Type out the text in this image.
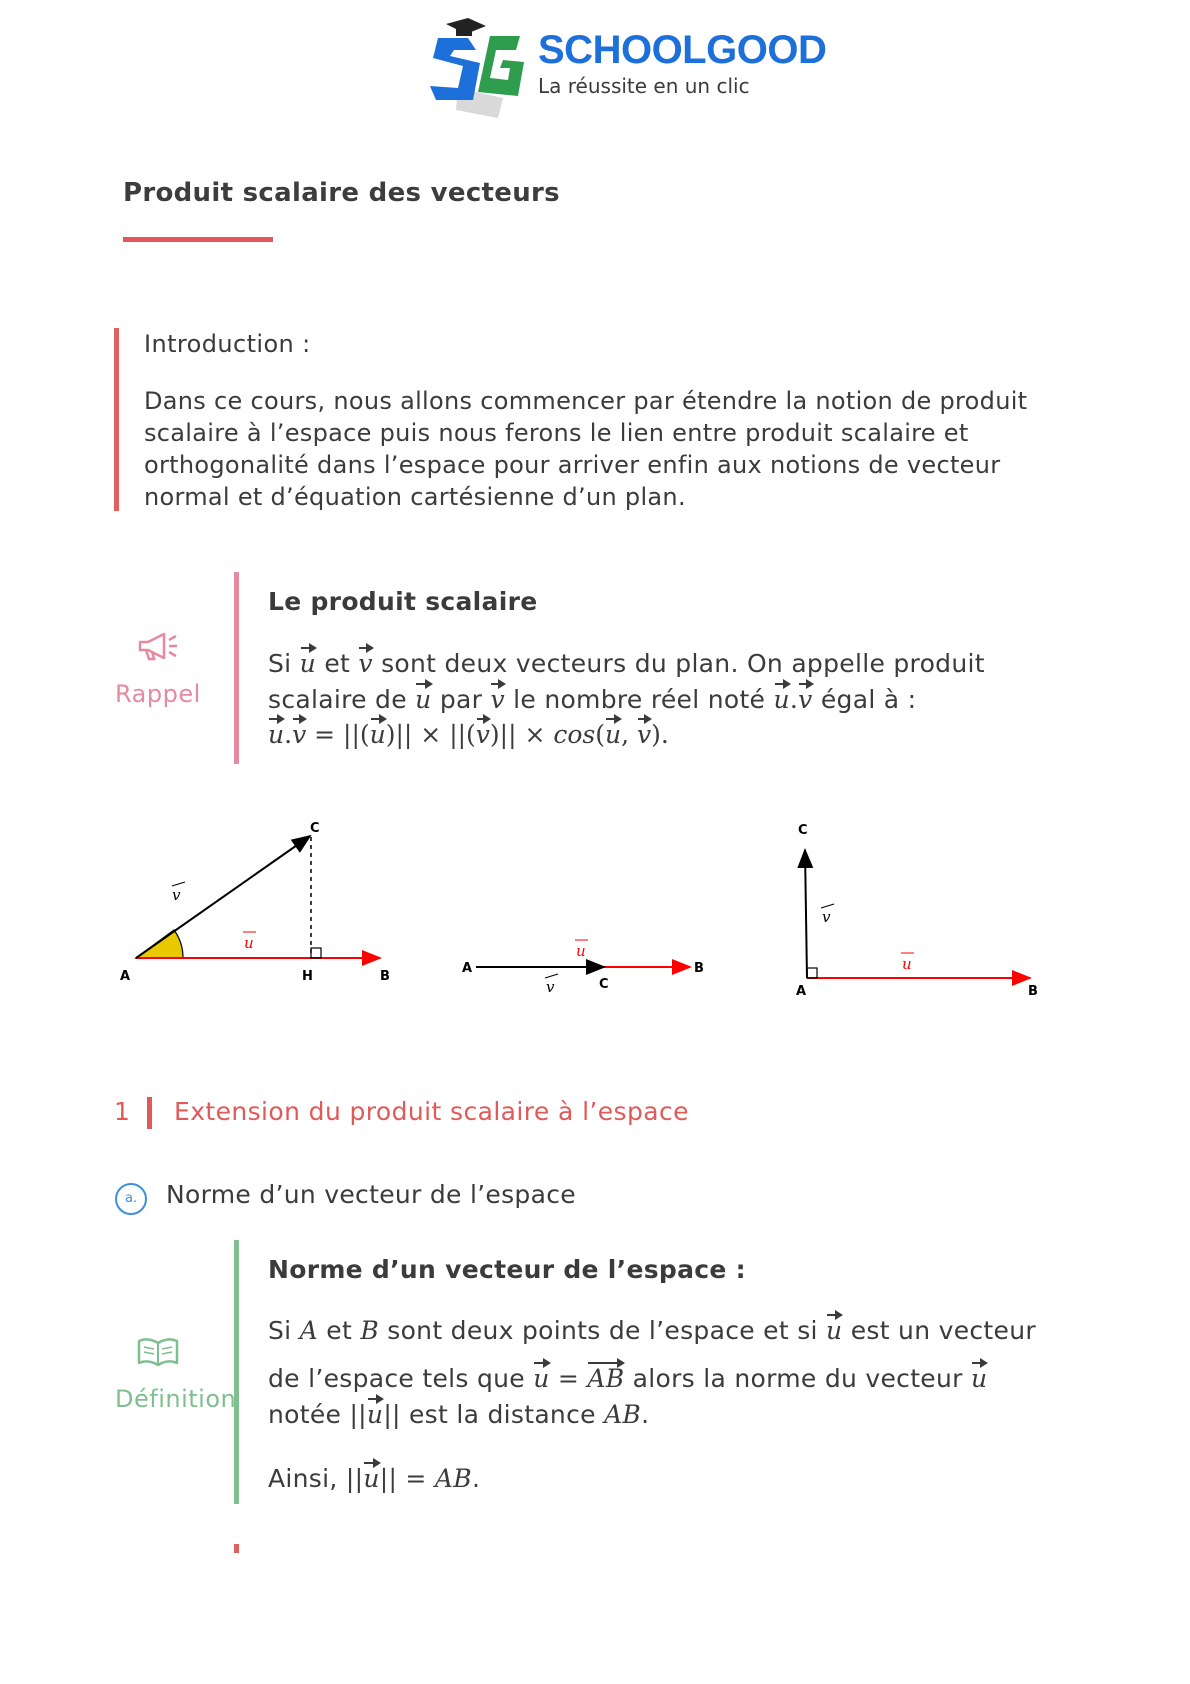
SCHOOLGOOD
La réussite en un clic
Produit scalaire des vecteurs
Introduction :
Dans ce cours, nous allons commencer par étendre la notion de produit scalaire à l’espace puis nous ferons le lien entre produit scalaire et orthogonalité dans l’espace pour arriver enfin aux notions de vecteur normal et d’équation cartésienne d’un plan.
Rappel
Le produit scalaire
Si u et v sont deux vecteurs du plan. On appelle produit
scalaire de u par v le nombre réel noté u.v égal à :
u.v = ||(u)|| × ||(v)|| × cos(u, v).
A	H	B
C
u
v
A
C
B
u
v
C
A	B
u
v
1 Extension du produit scalaire à l’espace
a.	Norme d’un vecteur de l’espace
Définition
Norme d’un vecteur de l’espace :
Si A et B sont deux points de l’espace et si u est un vecteur
de l’espace tels que u = AB alors la norme du vecteur u
notée ||u|| est la distance AB.
Ainsi, ||u|| = AB.
